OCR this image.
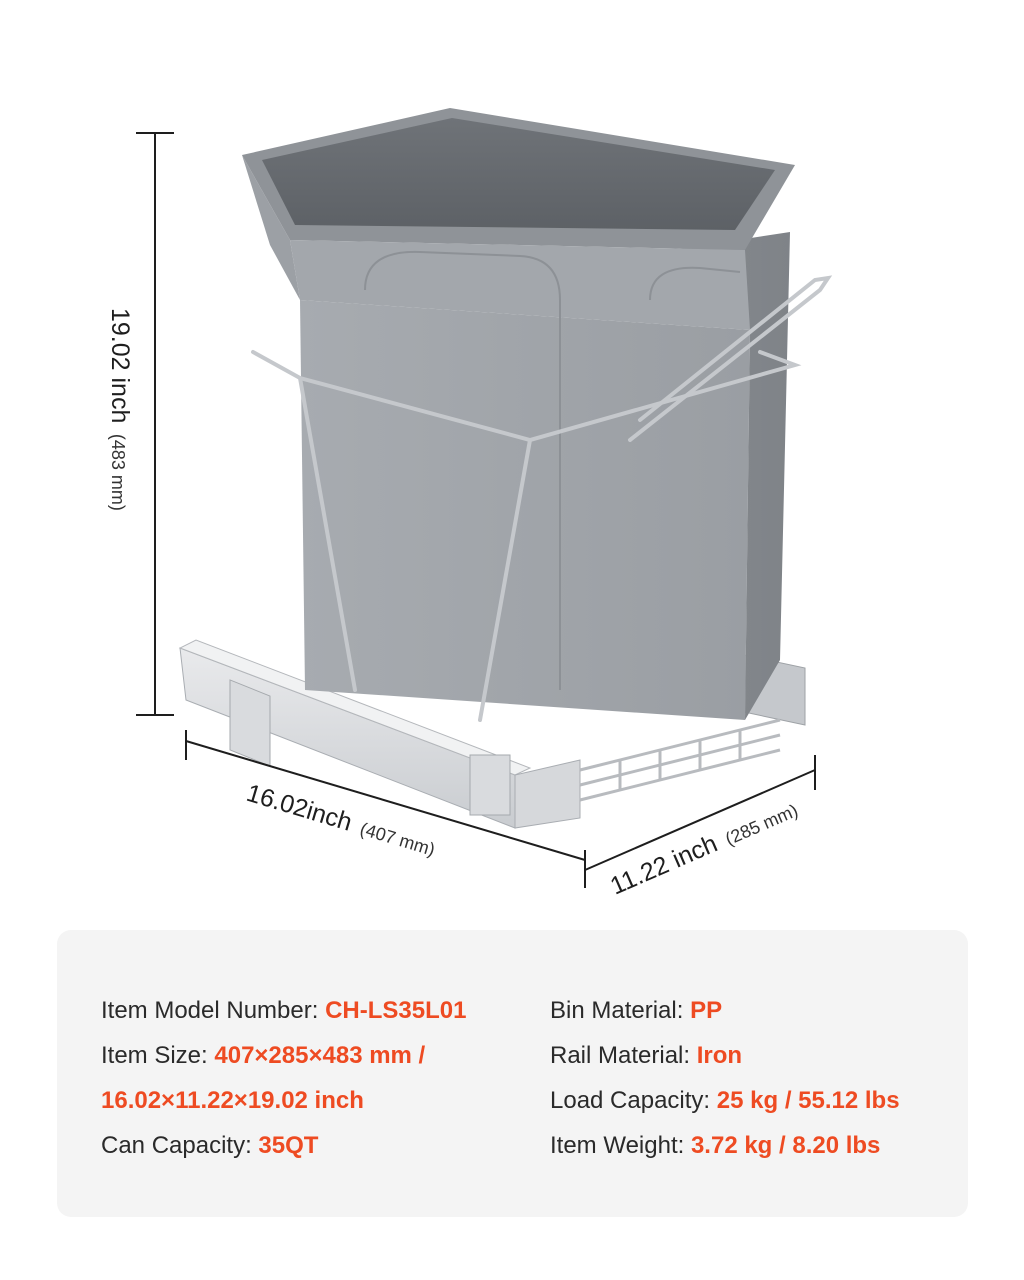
19.02 inch (483 mm)
16.02inch (407 mm)	11.22 inch (285 mm)
Item Model Number: CH-LS35L01
Item Size: 407×285×483 mm /
16.02×11.22×19.02 inch
Can Capacity: 35QT
Bin Material: PP
Rail Material: Iron
Load Capacity: 25 kg / 55.12 lbs
Item Weight: 3.72 kg / 8.20 lbs
